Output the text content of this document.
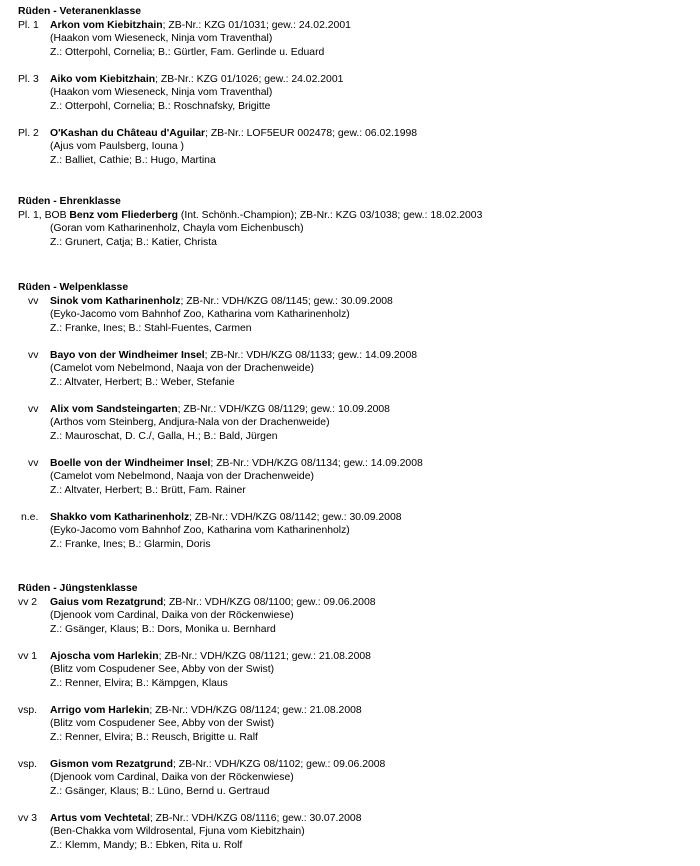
Rüden - Veteranenklasse
Pl. 1 Arkon vom Kiebitzhain; ZB-Nr.: KZG 01/1031; gew.: 24.02.2001
(Haakon vom Wieseneck, Ninja vom Traventhal)
Z.: Otterpohl, Cornelia; B.: Gürtler, Fam. Gerlinde u. Eduard
Pl. 3 Aiko vom Kiebitzhain; ZB-Nr.: KZG 01/1026; gew.: 24.02.2001
(Haakon vom Wieseneck, Ninja vom Traventhal)
Z.: Otterpohl, Cornelia; B.: Roschnafsky, Brigitte
Pl. 2 O'Kashan du Château d'Aguilar; ZB-Nr.: LOF5EUR 002478; gew.: 06.02.1998
(Ajus vom Paulsberg, Iouna )
Z.: Balliet, Cathie; B.: Hugo, Martina
Rüden - Ehrenklasse
Pl. 1, BOB Benz vom Fliederberg (Int. Schönh.-Champion); ZB-Nr.: KZG 03/1038; gew.: 18.02.2003
(Goran vom Katharinenholz, Chayla vom Eichenbusch)
Z.: Grunert, Catja; B.: Katier, Christa
Rüden - Welpenklasse
vv Sinok vom Katharinenholz; ZB-Nr.: VDH/KZG 08/1145; gew.: 30.09.2008
(Eyko-Jacomo vom Bahnhof Zoo, Katharina vom Katharinenholz)
Z.: Franke, Ines; B.: Stahl-Fuentes, Carmen
vv Bayo von der Windheimer Insel; ZB-Nr.: VDH/KZG 08/1133; gew.: 14.09.2008
(Camelot vom Nebelmond, Naaja von der Drachenweide)
Z.: Altvater, Herbert; B.: Weber, Stefanie
vv Alix vom Sandsteingarten; ZB-Nr.: VDH/KZG 08/1129; gew.: 10.09.2008
(Arthos vom Steinberg, Andjura-Nala von der Drachenweide)
Z.: Mauroschat, D. C./, Galla, H.; B.: Bald, Jürgen
vv Boelle von der Windheimer Insel; ZB-Nr.: VDH/KZG 08/1134; gew.: 14.09.2008
(Camelot vom Nebelmond, Naaja von der Drachenweide)
Z.: Altvater, Herbert; B.: Brütt, Fam. Rainer
n.e. Shakko vom Katharinenholz; ZB-Nr.: VDH/KZG 08/1142; gew.: 30.09.2008
(Eyko-Jacomo vom Bahnhof Zoo, Katharina vom Katharinenholz)
Z.: Franke, Ines; B.: Glarmin, Doris
Rüden - Jüngstenklasse
vv 2 Gaius vom Rezatgrund; ZB-Nr.: VDH/KZG 08/1100; gew.: 09.06.2008
(Djenook vom Cardinal, Daika von der Röckenwiese)
Z.: Gsänger, Klaus; B.: Dors, Monika u. Bernhard
vv 1 Ajoscha vom Harlekin; ZB-Nr.: VDH/KZG 08/1121; gew.: 21.08.2008
(Blitz vom Cospudener See, Abby von der Swist)
Z.: Renner, Elvira; B.: Kämpgen, Klaus
vsp. Arrigo vom Harlekin; ZB-Nr.: VDH/KZG 08/1124; gew.: 21.08.2008
(Blitz vom Cospudener See, Abby von der Swist)
Z.: Renner, Elvira; B.: Reusch, Brigitte u. Ralf
vsp. Gismon vom Rezatgrund; ZB-Nr.: VDH/KZG 08/1102; gew.: 09.06.2008
(Djenook vom Cardinal, Daika von der Röckenwiese)
Z.: Gsänger, Klaus; B.: Lüno, Bernd u. Gertraud
vv 3 Artus vom Vechtetal; ZB-Nr.: VDH/KZG 08/1116; gew.: 30.07.2008
(Ben-Chakka vom Wildrosental, Fjuna vom Kiebitzhain)
Z.: Klemm, Mandy; B.: Ebken, Rita u. Rolf
